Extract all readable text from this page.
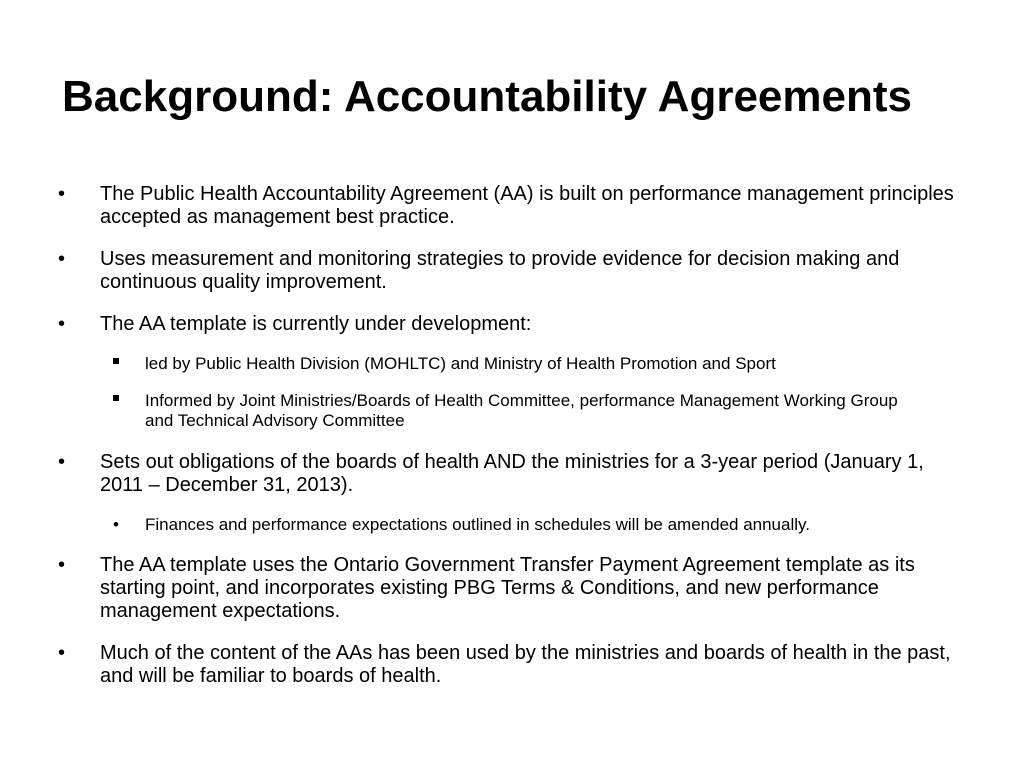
Background: Accountability Agreements
• The Public Health Accountability Agreement (AA) is built on performance management principles accepted as management best practice.
• Uses measurement and monitoring strategies to provide evidence for decision making and continuous quality improvement.
• The AA template is currently under development:
led by Public Health Division (MOHLTC) and Ministry of Health Promotion and Sport
Informed by Joint Ministries/Boards of Health Committee, performance Management Working Group and Technical Advisory Committee
• Sets out obligations of the boards of health AND the ministries for a 3-year period (January 1, 2011 – December 31, 2013).
• Finances and performance expectations outlined in schedules will be amended annually.
• The AA template uses the Ontario Government Transfer Payment Agreement template as its starting point, and incorporates existing PBG Terms & Conditions, and new performance management expectations.
• Much of the content of the AAs has been used by the ministries and boards of health in the past, and will be familiar to boards of health.
